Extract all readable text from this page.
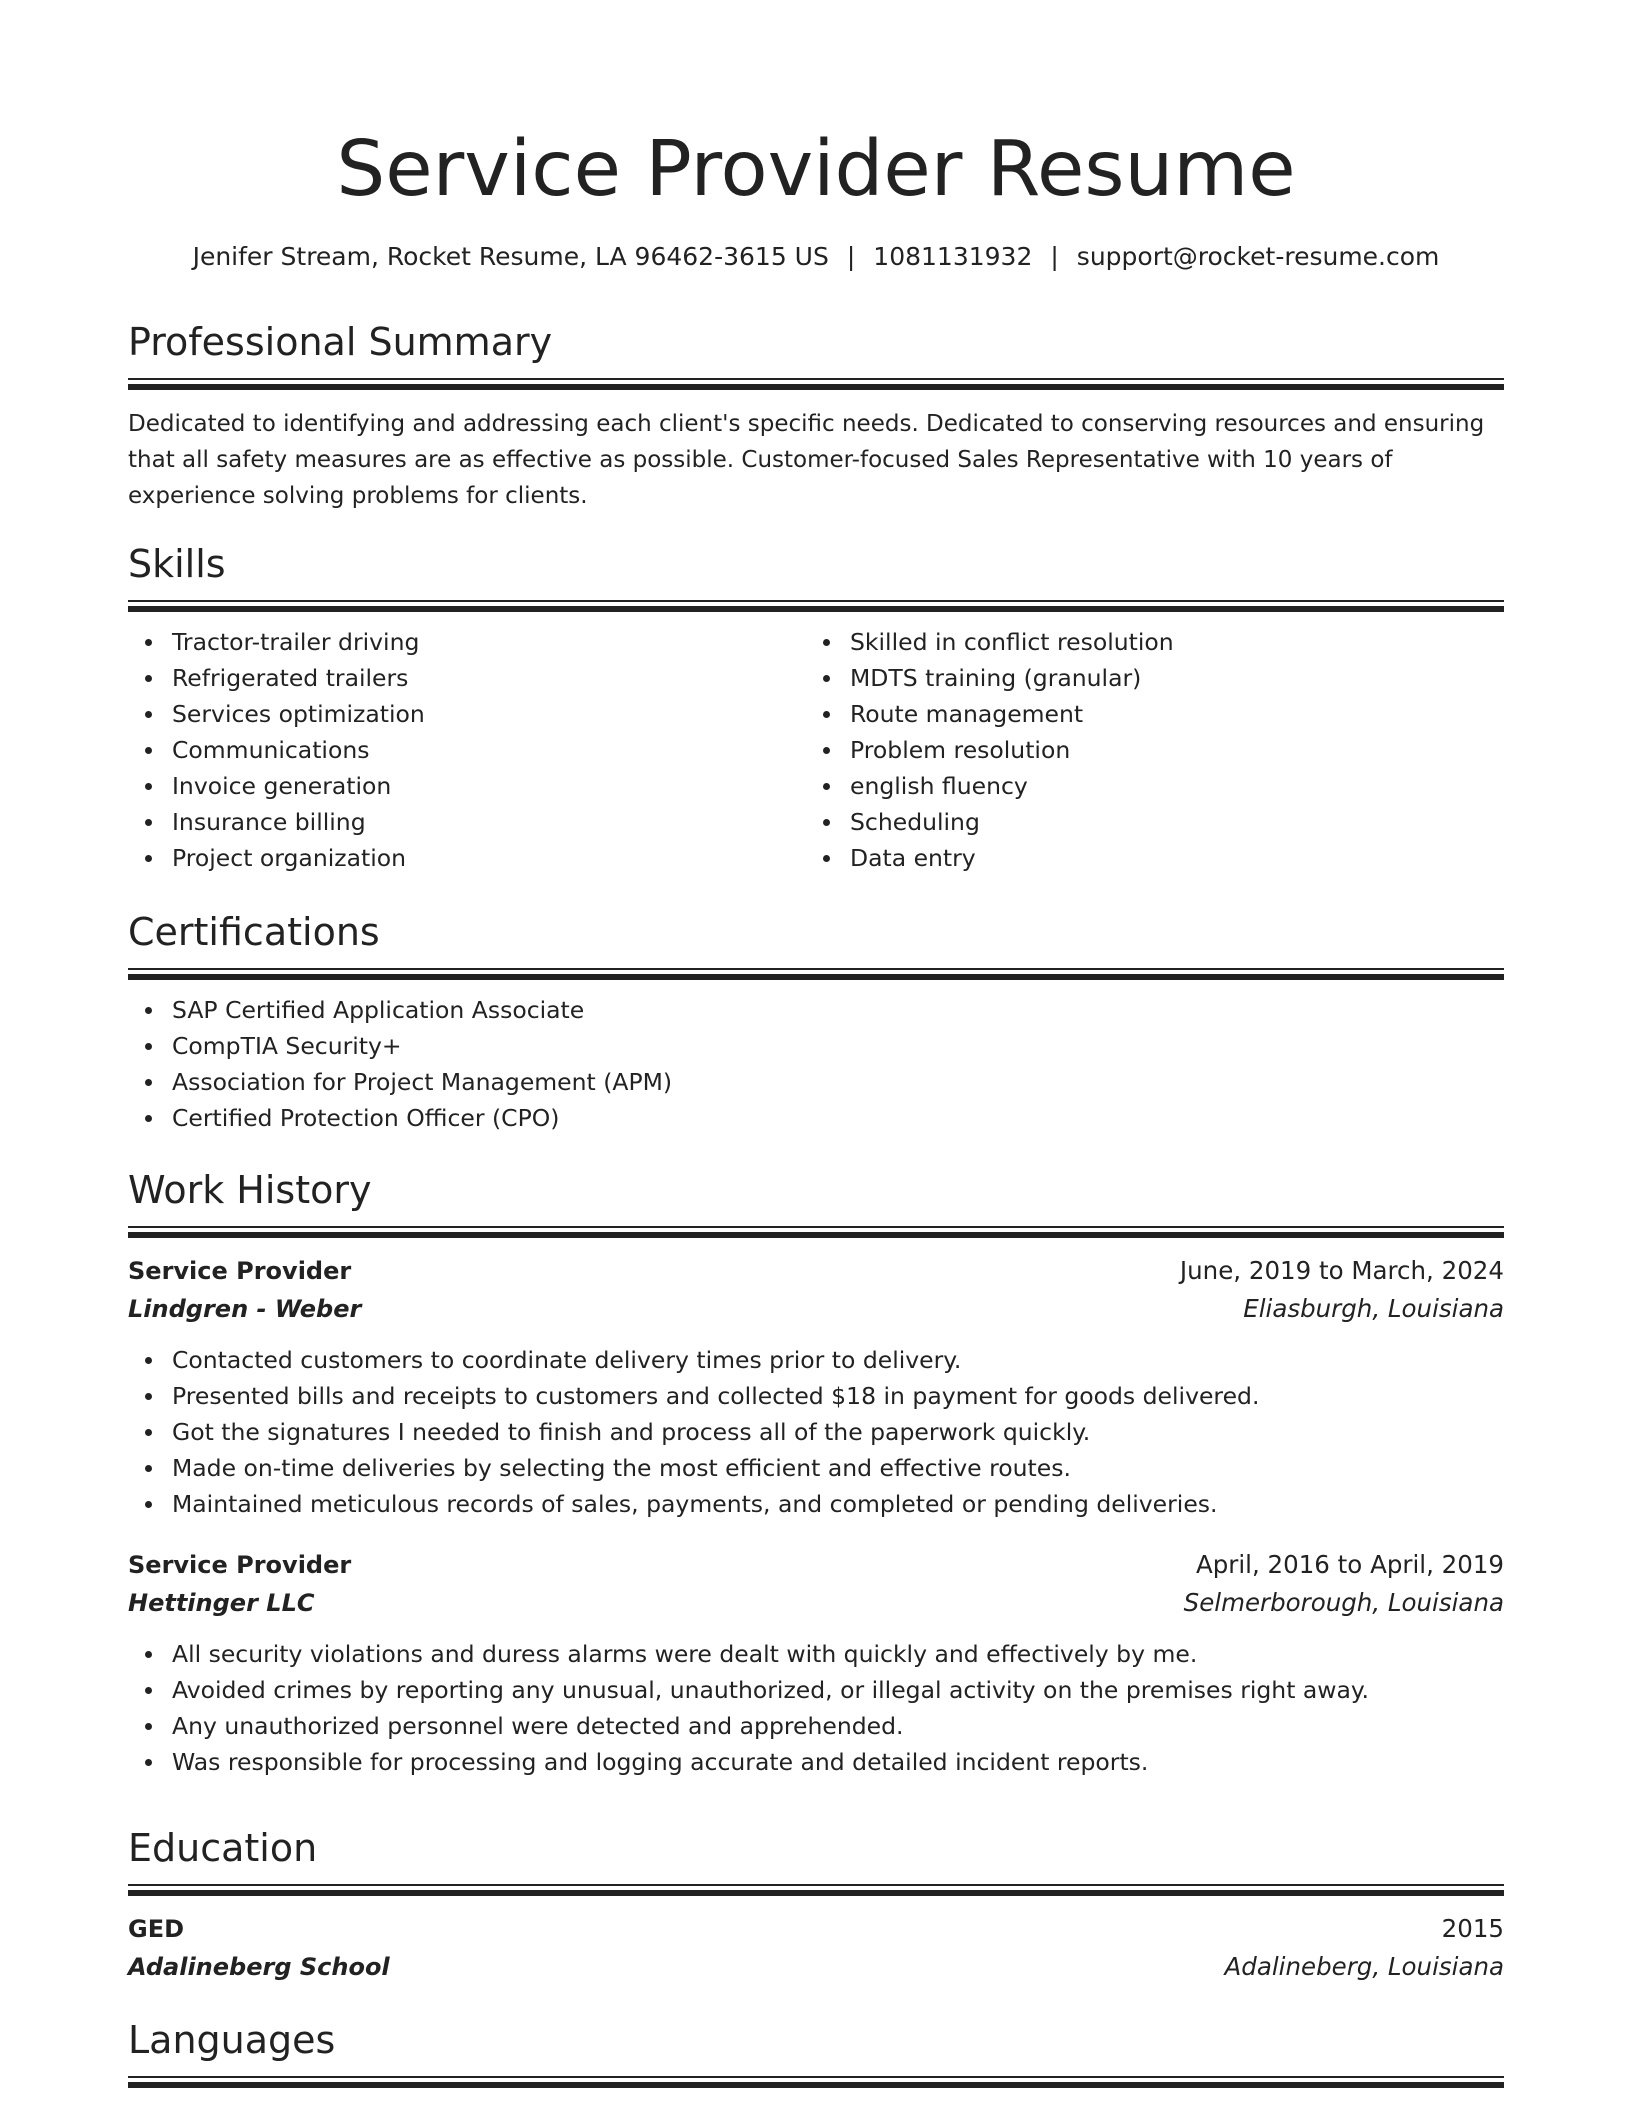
Service Provider Resume
Jenifer Stream, Rocket Resume, LA 96462-3615 US | 1081131932 | support@rocket-resume.com
Professional Summary
Dedicated to identifying and addressing each client's specific needs. Dedicated to conserving resources and ensuring that all safety measures are as effective as possible. Customer-focused Sales Representative with 10 years of experience solving problems for clients.
Skills
Tractor-trailer driving
Refrigerated trailers
Services optimization
Communications
Invoice generation
Insurance billing
Project organization
Skilled in conflict resolution
MDTS training (granular)
Route management
Problem resolution
english fluency
Scheduling
Data entry
Certifications
SAP Certified Application Associate
CompTIA Security+
Association for Project Management (APM)
Certified Protection Officer (CPO)
Work History
Service Provider	June, 2019 to March, 2024
Lindgren - Weber	Eliasburgh, Louisiana
Contacted customers to coordinate delivery times prior to delivery.
Presented bills and receipts to customers and collected $18 in payment for goods delivered.
Got the signatures I needed to finish and process all of the paperwork quickly.
Made on-time deliveries by selecting the most efficient and effective routes.
Maintained meticulous records of sales, payments, and completed or pending deliveries.
Service Provider	April, 2016 to April, 2019
Hettinger LLC	Selmerborough, Louisiana
All security violations and duress alarms were dealt with quickly and effectively by me.
Avoided crimes by reporting any unusual, unauthorized, or illegal activity on the premises right away.
Any unauthorized personnel were detected and apprehended.
Was responsible for processing and logging accurate and detailed incident reports.
Education
GED	2015
Adalineberg School	Adalineberg, Louisiana
Languages
